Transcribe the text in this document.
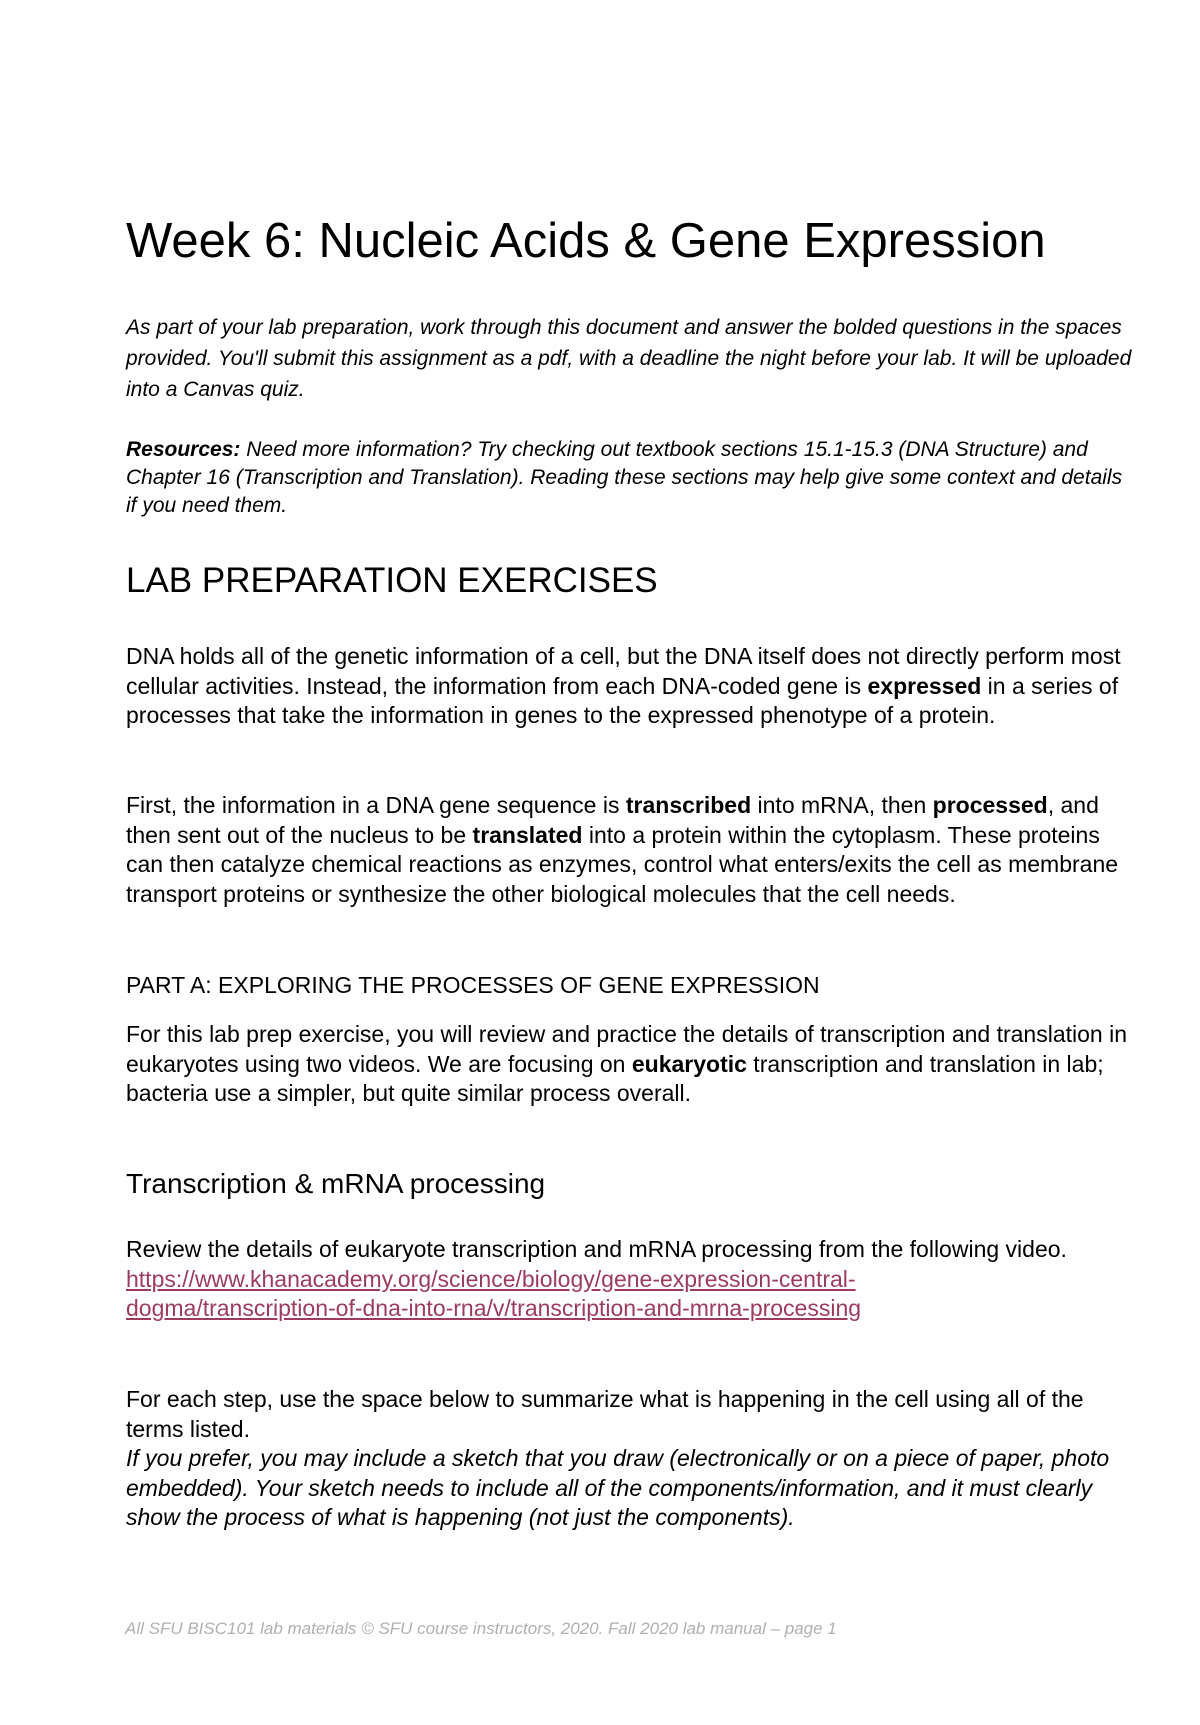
Week 6: Nucleic Acids & Gene Expression

As part of your lab preparation, work through this document and answer the bolded questions in the spaces provided. You'll submit this assignment as a pdf, with a deadline the night before your lab. It will be uploaded into a Canvas quiz.

Resources: Need more information? Try checking out textbook sections 15.1-15.3 (DNA Structure) and Chapter 16 (Transcription and Translation). Reading these sections may help give some context and details if you need them.

LAB PREPARATION EXERCISES

DNA holds all of the genetic information of a cell, but the DNA itself does not directly perform most cellular activities. Instead, the information from each DNA-coded gene is expressed in a series of processes that take the information in genes to the expressed phenotype of a protein.

First, the information in a DNA gene sequence is transcribed into mRNA, then processed, and then sent out of the nucleus to be translated into a protein within the cytoplasm. These proteins can then catalyze chemical reactions as enzymes, control what enters/exits the cell as membrane transport proteins or synthesize the other biological molecules that the cell needs.

PART A: EXPLORING THE PROCESSES OF GENE EXPRESSION

For this lab prep exercise, you will review and practice the details of transcription and translation in eukaryotes using two videos. We are focusing on eukaryotic transcription and translation in lab; bacteria use a simpler, but quite similar process overall.

Transcription & mRNA processing
Review the details of eukaryote transcription and mRNA processing from the following video.
https://www.khanacademy.org/science/biology/gene-expression-central-
dogma/transcription-of-dna-into-rna/v/transcription-and-mrna-processing
For each step, use the space below to summarize what is happening in the cell using all of the terms listed.
If you prefer, you may include a sketch that you draw (electronically or on a piece of paper, photo embedded). Your sketch needs to include all of the components/information, and it must clearly show the process of what is happening (not just the components).

All SFU BISC101 lab materials © SFU course instructors, 2020. Fall 2020 lab manual – page 1
